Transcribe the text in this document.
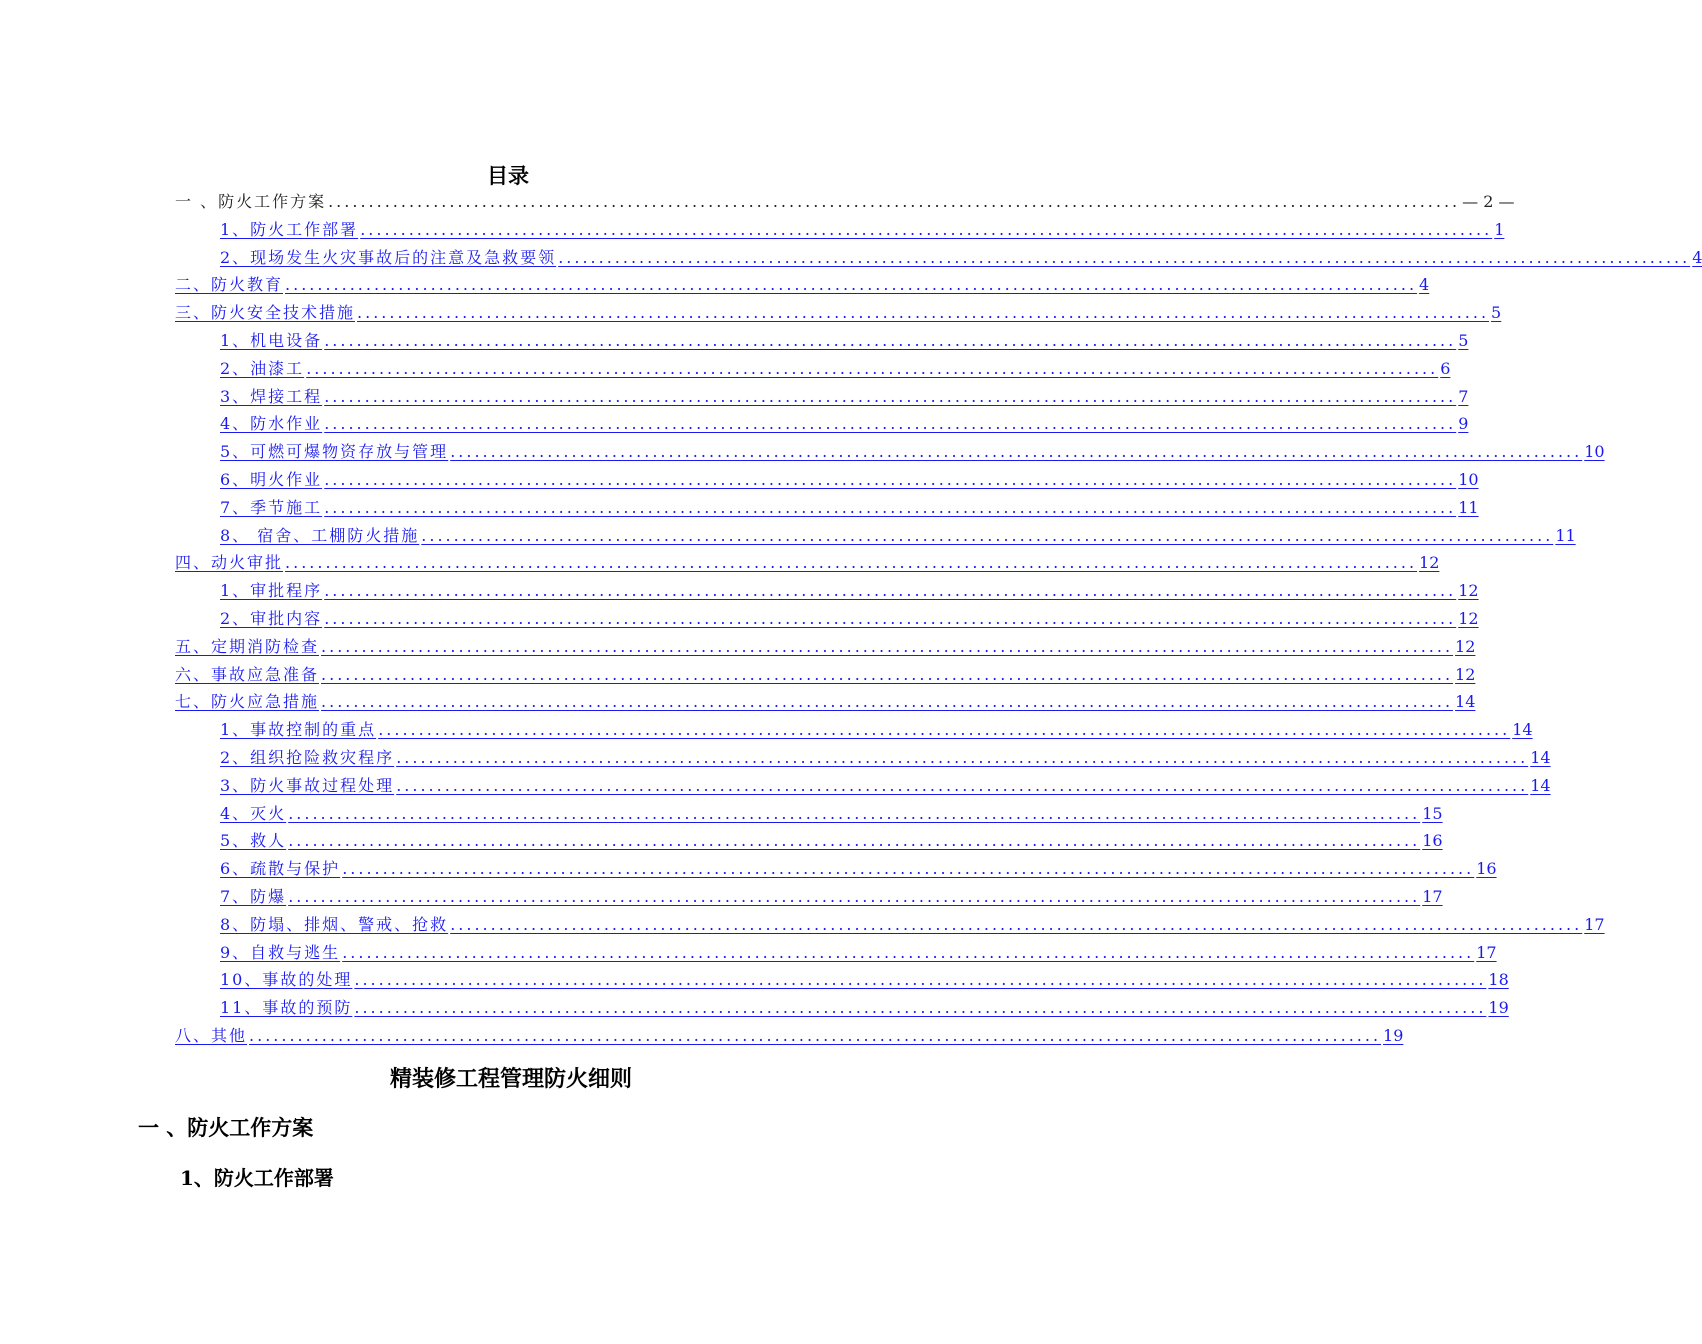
目录
一 、防火工作方案 ............................................................................................................................................ — 2 —
1、防火工作部署 ............................................................................................................................................ 1
2、现场发生火灾事故后的注意及急救要领 ............................................................................................................................................ 4
二、防火教育 ............................................................................................................................................ 4
三、防火安全技术措施 ............................................................................................................................................ 5
1、机电设备 ............................................................................................................................................ 5
2、油漆工 ............................................................................................................................................ 6
3、焊接工程 ............................................................................................................................................ 7
4、防水作业 ............................................................................................................................................ 9
5、可燃可爆物资存放与管理 ............................................................................................................................................ 10
6、明火作业 ............................................................................................................................................ 10
7、季节施工 ............................................................................................................................................ 11
8、 宿舍、工棚防火措施 ............................................................................................................................................ 11
四、动火审批 ............................................................................................................................................ 12
1、审批程序 ............................................................................................................................................ 12
2、审批内容 ............................................................................................................................................ 12
五、定期消防检查 ............................................................................................................................................ 12
六、事故应急准备 ............................................................................................................................................ 12
七、防火应急措施 ............................................................................................................................................ 14
1、事故控制的重点 ............................................................................................................................................ 14
2、组织抢险救灾程序 ............................................................................................................................................ 14
3、防火事故过程处理 ............................................................................................................................................ 14
4、灭火 ............................................................................................................................................ 15
5、救人 ............................................................................................................................................ 16
6、疏散与保护 ............................................................................................................................................ 16
7、防爆 ............................................................................................................................................ 17
8、防塌、排烟、警戒、抢救 ............................................................................................................................................ 17
9、自救与逃生 ............................................................................................................................................ 17
10、事故的处理 ............................................................................................................................................ 18
11、事故的预防 ............................................................................................................................................ 19
八、其他 ............................................................................................................................................ 19
精装修工程管理防火细则
一 、防火工作方案
1、防火工作部署
